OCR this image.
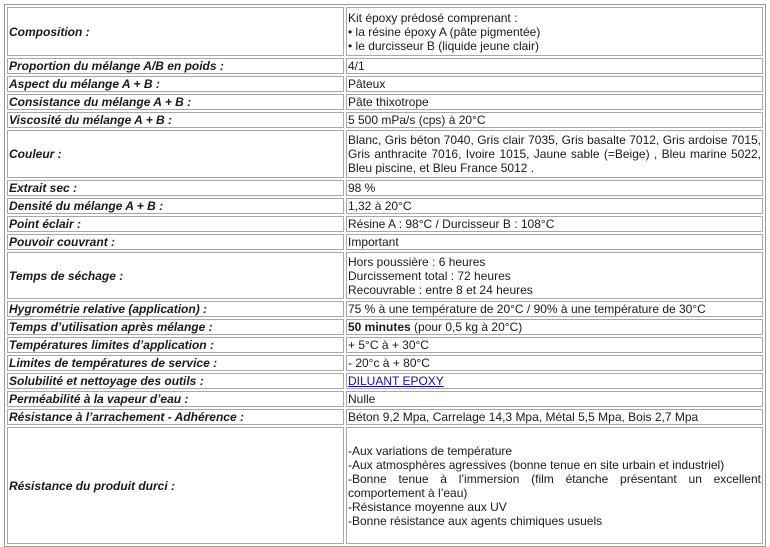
Composition :	Kit époxy prédosé comprenant :
• la résine époxy A (pâte pigmentée)
• le durcisseur B (liquide jeune clair)

Proportion du mélange A/B en poids :	4/1
Aspect du mélange A + B :	Pâteux
Consistance du mélange A + B :	Pâte thixotrope
Viscosité du mélange A + B :	5 500 mPa/s (cps) à 20°C
Couleur :	Blanc, Gris béton 7040, Gris clair 7035, Gris basalte 7012, Gris ardoise 7015, Gris anthracite 7016, Ivoire 1015, Jaune sable (=Beige) , Bleu marine 5022, Bleu piscine, et Bleu France 5012 .
Extrait sec :	98 %
Densité du mélange A + B :	1,32 à 20°C
Point éclair :	Résine A : 98°C / Durcisseur B : 108°C
Pouvoir couvrant :	Important
Temps de séchage :	Hors poussière : 6 heures
Durcissement total : 72 heures
Recouvrable : entre 8 et 24 heures

Hygrométrie relative (application) :	75 % à une température de 20°C / 90% à une température de 30°C
Temps d’utilisation après mélange :	50 minutes (pour 0,5 kg à 20°C)
Températures limites d’application :	+ 5°C à + 30°C
Limites de températures de service :	- 20°c à + 80°C
Solubilité et nettoyage des outils :	DILUANT EPOXY
Perméabilité à la vapeur d’eau :	Nulle
Résistance à l’arrachement - Adhérence :	Béton 9,2 Mpa, Carrelage 14,3 Mpa, Métal 5,5 Mpa, Bois 2,7 Mpa
Résistance du produit durci :	-Aux variations de température
-Aux atmosphères agressives (bonne tenue en site urbain et industriel)
-Bonne tenue à l’immersion (film étanche présentant un excellent comportement à l’eau)
-Résistance moyenne aux UV
-Bonne résistance aux agents chimiques usuels
